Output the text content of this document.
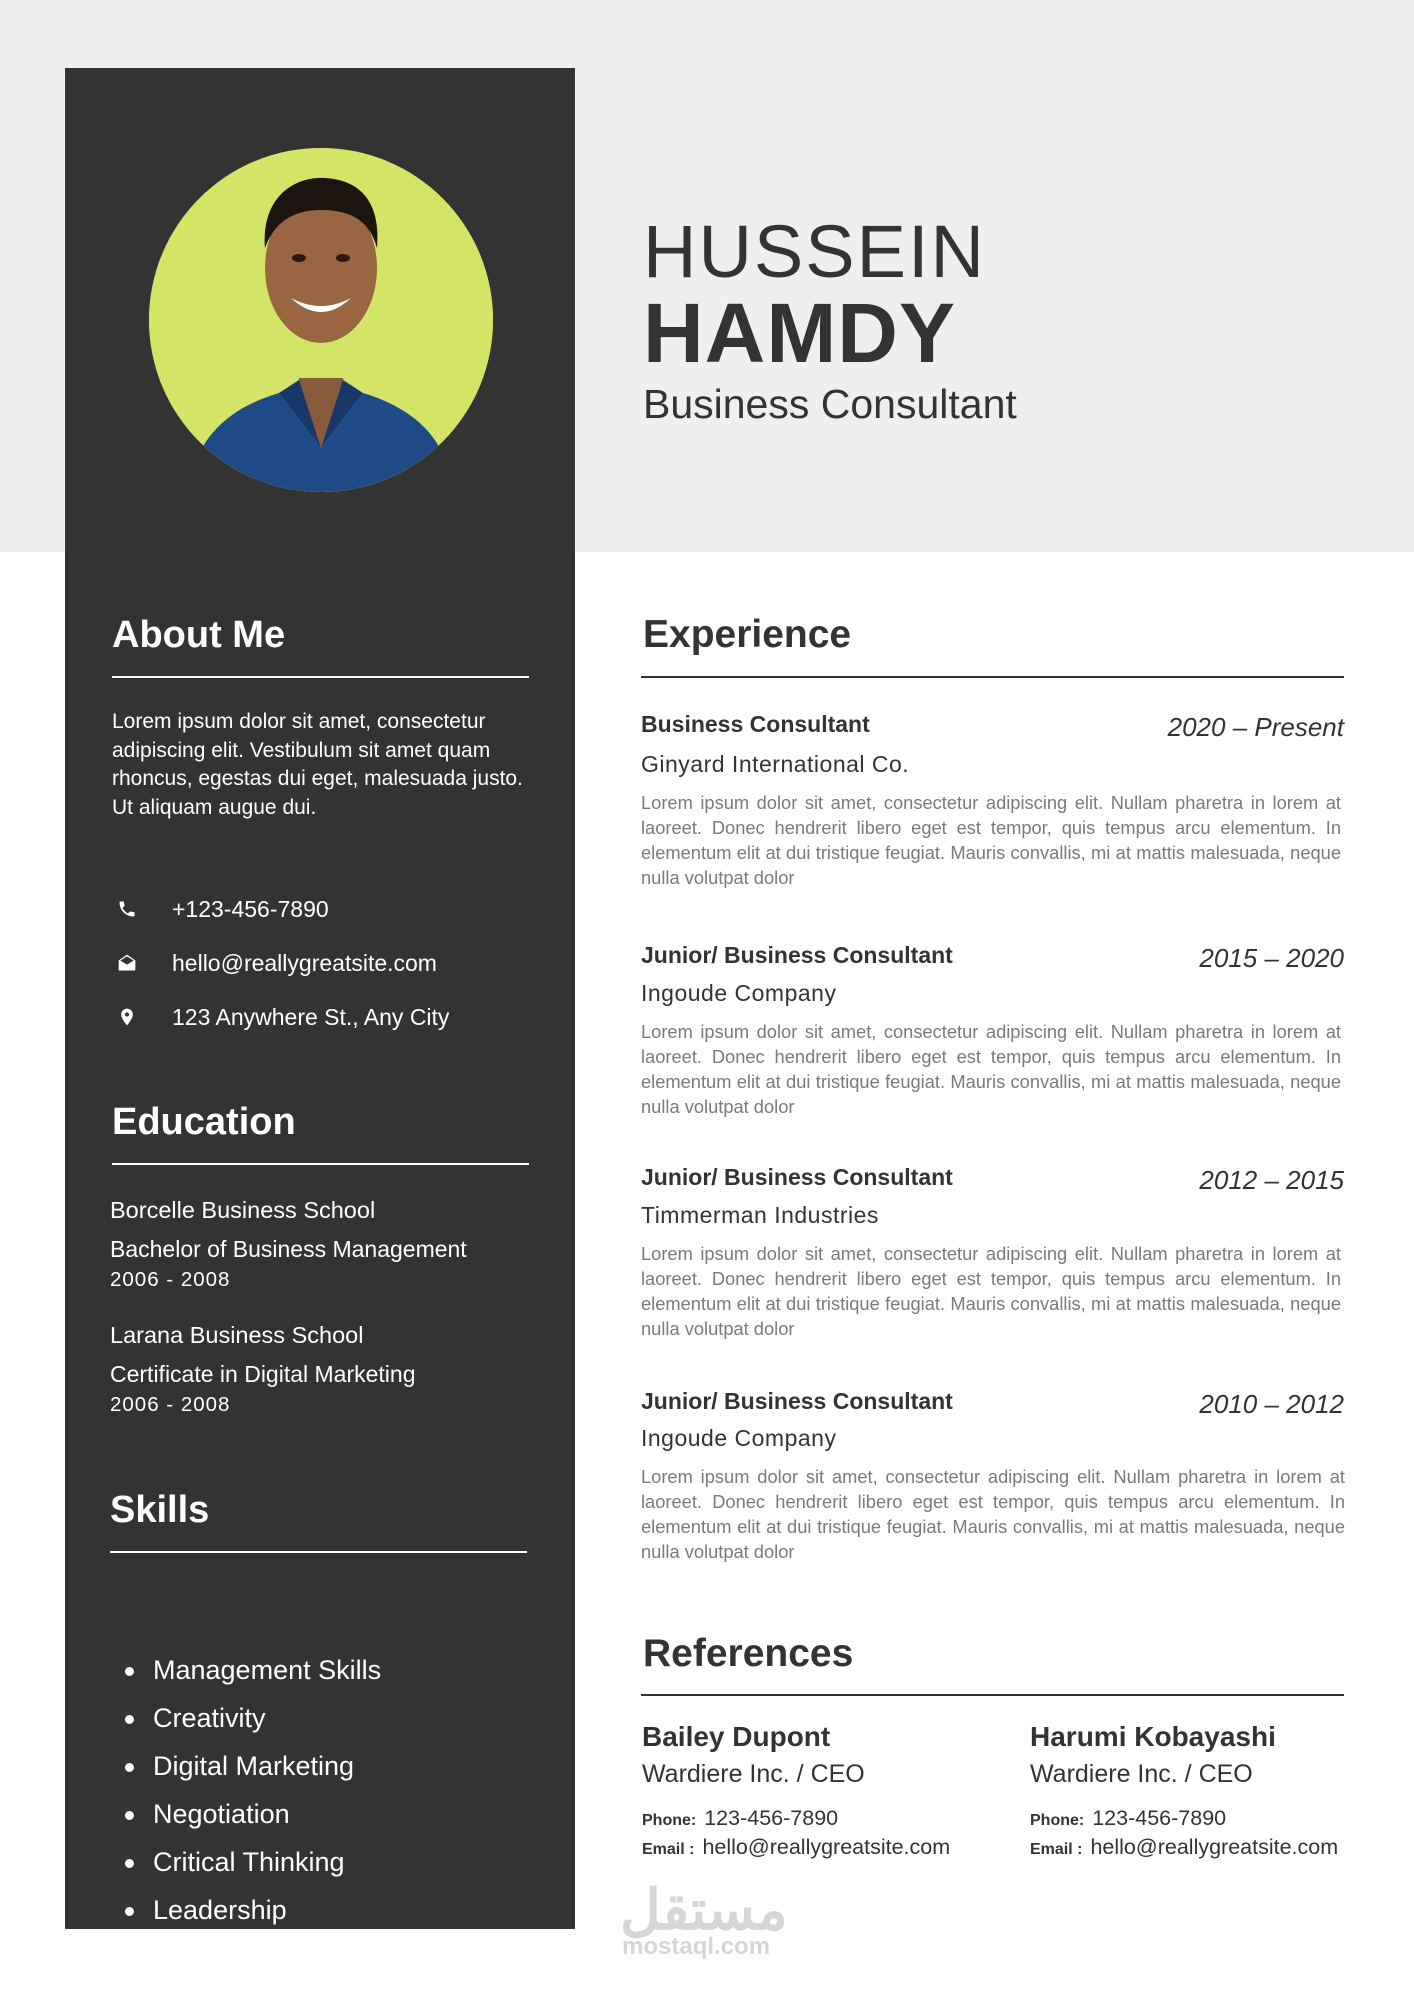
About Me
Lorem ipsum dolor sit amet, consectetur adipiscing elit. Vestibulum sit amet quam rhoncus, egestas dui eget, malesuada justo. Ut aliquam augue dui.
+123-456-7890
hello@reallygreatsite.com
123 Anywhere St., Any City
Education
Borcelle Business School
Bachelor of Business Management
2006 - 2008
Larana Business School
Certificate in Digital Marketing
2006 - 2008
Skills
Management Skills
Creativity
Digital Marketing
Negotiation
Critical Thinking
Leadership
HUSSEIN
HAMDY
Business Consultant
Experience
Business Consultant	2020 – Present
Ginyard International Co.
Lorem ipsum dolor sit amet, consectetur adipiscing elit. Nullam pharetra in lorem at laoreet. Donec hendrerit libero eget est tempor, quis tempus arcu elementum. In elementum elit at dui tristique feugiat. Mauris convallis, mi at mattis malesuada, neque nulla volutpat dolor
Junior/ Business Consultant	2015 – 2020
Ingoude Company
Lorem ipsum dolor sit amet, consectetur adipiscing elit. Nullam pharetra in lorem at laoreet. Donec hendrerit libero eget est tempor, quis tempus arcu elementum. In elementum elit at dui tristique feugiat. Mauris convallis, mi at mattis malesuada, neque nulla volutpat dolor
Junior/ Business Consultant	2012 – 2015
Timmerman Industries
Lorem ipsum dolor sit amet, consectetur adipiscing elit. Nullam pharetra in lorem at laoreet. Donec hendrerit libero eget est tempor, quis tempus arcu elementum. In elementum elit at dui tristique feugiat. Mauris convallis, mi at mattis malesuada, neque nulla volutpat dolor
Junior/ Business Consultant	2010 – 2012
Ingoude Company
Lorem ipsum dolor sit amet, consectetur adipiscing elit. Nullam pharetra in lorem at laoreet. Donec hendrerit libero eget est tempor, quis tempus arcu elementum. In elementum elit at dui tristique feugiat. Mauris convallis, mi at mattis malesuada, neque nulla volutpat dolor
References
Bailey Dupont
Wardiere Inc. / CEO
Phone: 123-456-7890
Email : hello@reallygreatsite.com
Harumi Kobayashi
Wardiere Inc. / CEO
Phone: 123-456-7890
Email : hello@reallygreatsite.com
مستقل
mostaql.com
